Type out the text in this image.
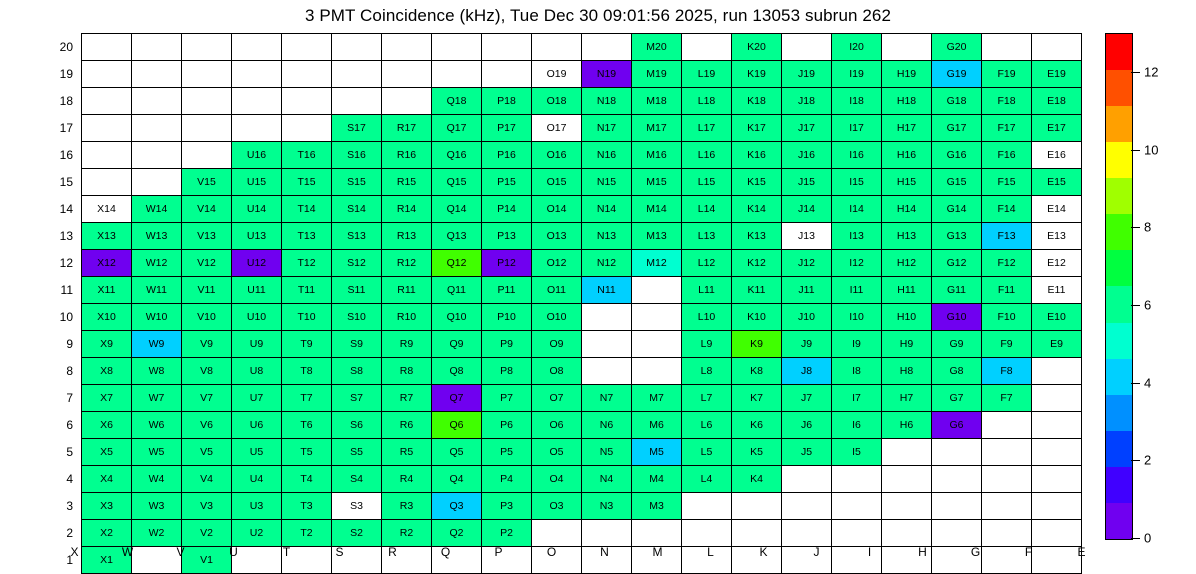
3 PMT Coincidence (kHz), Tue Dec 30 09:01:56 2025, run 13053 subrun 262
20												M20		K20		I20		G20		
19										O19	N19	M19	L19	K19	J19	I19	H19	G19	F19	E19
18								Q18	P18	O18	N18	M18	L18	K18	J18	I18	H18	G18	F18	E18
17						S17	R17	Q17	P17	O17	N17	M17	L17	K17	J17	I17	H17	G17	F17	E17
16				U16	T16	S16	R16	Q16	P16	O16	N16	M16	L16	K16	J16	I16	H16	G16	F16	E16
15			V15	U15	T15	S15	R15	Q15	P15	O15	N15	M15	L15	K15	J15	I15	H15	G15	F15	E15
14	X14	W14	V14	U14	T14	S14	R14	Q14	P14	O14	N14	M14	L14	K14	J14	I14	H14	G14	F14	E14
13	X13	W13	V13	U13	T13	S13	R13	Q13	P13	O13	N13	M13	L13	K13	J13	I13	H13	G13	F13	E13
12	X12	W12	V12	U12	T12	S12	R12	Q12	P12	O12	N12	M12	L12	K12	J12	I12	H12	G12	F12	E12
11	X11	W11	V11	U11	T11	S11	R11	Q11	P11	O11	N11		L11	K11	J11	I11	H11	G11	F11	E11
10	X10	W10	V10	U10	T10	S10	R10	Q10	P10	O10			L10	K10	J10	I10	H10	G10	F10	E10
9	X9	W9	V9	U9	T9	S9	R9	Q9	P9	O9			L9	K9	J9	I9	H9	G9	F9	E9
8	X8	W8	V8	U8	T8	S8	R8	Q8	P8	O8			L8	K8	J8	I8	H8	G8	F8	
7	X7	W7	V7	U7	T7	S7	R7	Q7	P7	O7	N7	M7	L7	K7	J7	I7	H7	G7	F7	
6	X6	W6	V6	U6	T6	S6	R6	Q6	P6	O6	N6	M6	L6	K6	J6	I6	H6	G6		
5	X5	W5	V5	U5	T5	S5	R5	Q5	P5	O5	N5	M5	L5	K5	J5	I5				
4	X4	W4	V4	U4	T4	S4	R4	Q4	P4	O4	N4	M4	L4	K4						
3	X3	W3	V3	U3	T3	S3	R3	Q3	P3	O3	N3	M3								
2	X2	W2	V2	U2	T2	S2	R2	Q2	P2											
1	X1		V1																	
X	W	V	U	T	S	R	Q	P	O	N	M	L	K	J	I	H	G	F	E
0
2
4
6
8
10
12
